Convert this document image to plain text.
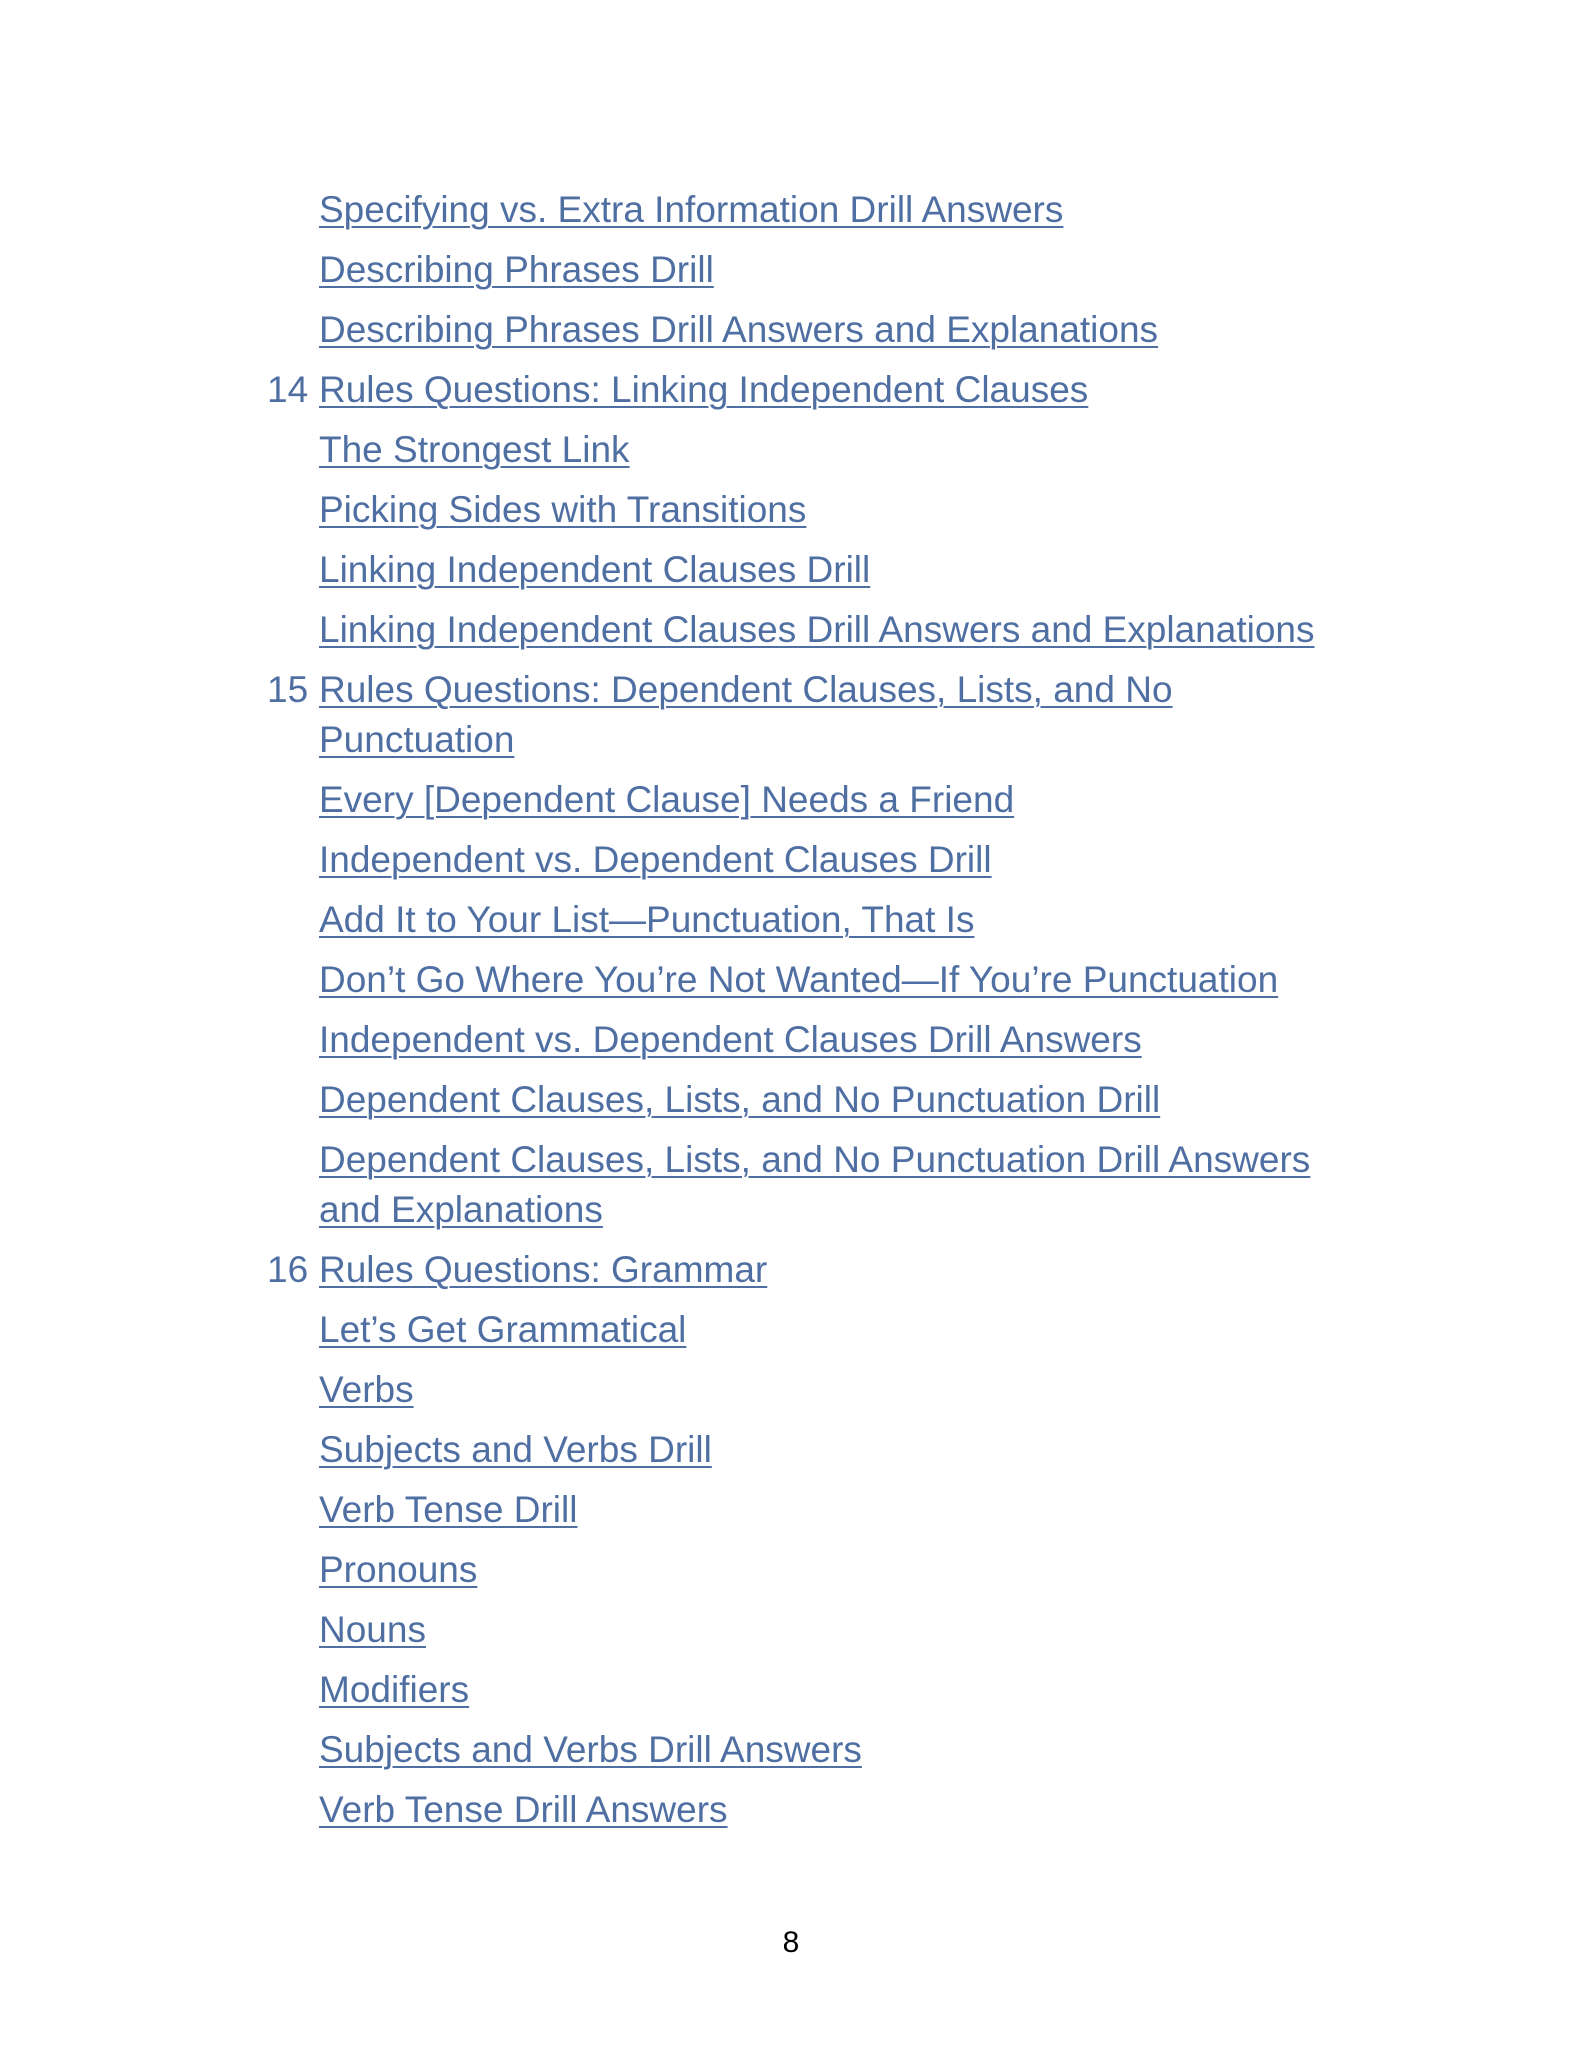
Specifying vs. Extra Information Drill Answers
Describing Phrases Drill
Describing Phrases Drill Answers and Explanations
14 Rules Questions: Linking Independent Clauses
The Strongest Link
Picking Sides with Transitions
Linking Independent Clauses Drill
Linking Independent Clauses Drill Answers and Explanations
15 Rules Questions: Dependent Clauses, Lists, and No
Punctuation
Every [Dependent Clause] Needs a Friend
Independent vs. Dependent Clauses Drill
Add It to Your List—Punctuation, That Is
Don’t Go Where You’re Not Wanted—If You’re Punctuation
Independent vs. Dependent Clauses Drill Answers
Dependent Clauses, Lists, and No Punctuation Drill
Dependent Clauses, Lists, and No Punctuation Drill Answers
and Explanations
16 Rules Questions: Grammar
Let’s Get Grammatical
Verbs
Subjects and Verbs Drill
Verb Tense Drill
Pronouns
Nouns
Modifiers
Subjects and Verbs Drill Answers
Verb Tense Drill Answers
8
